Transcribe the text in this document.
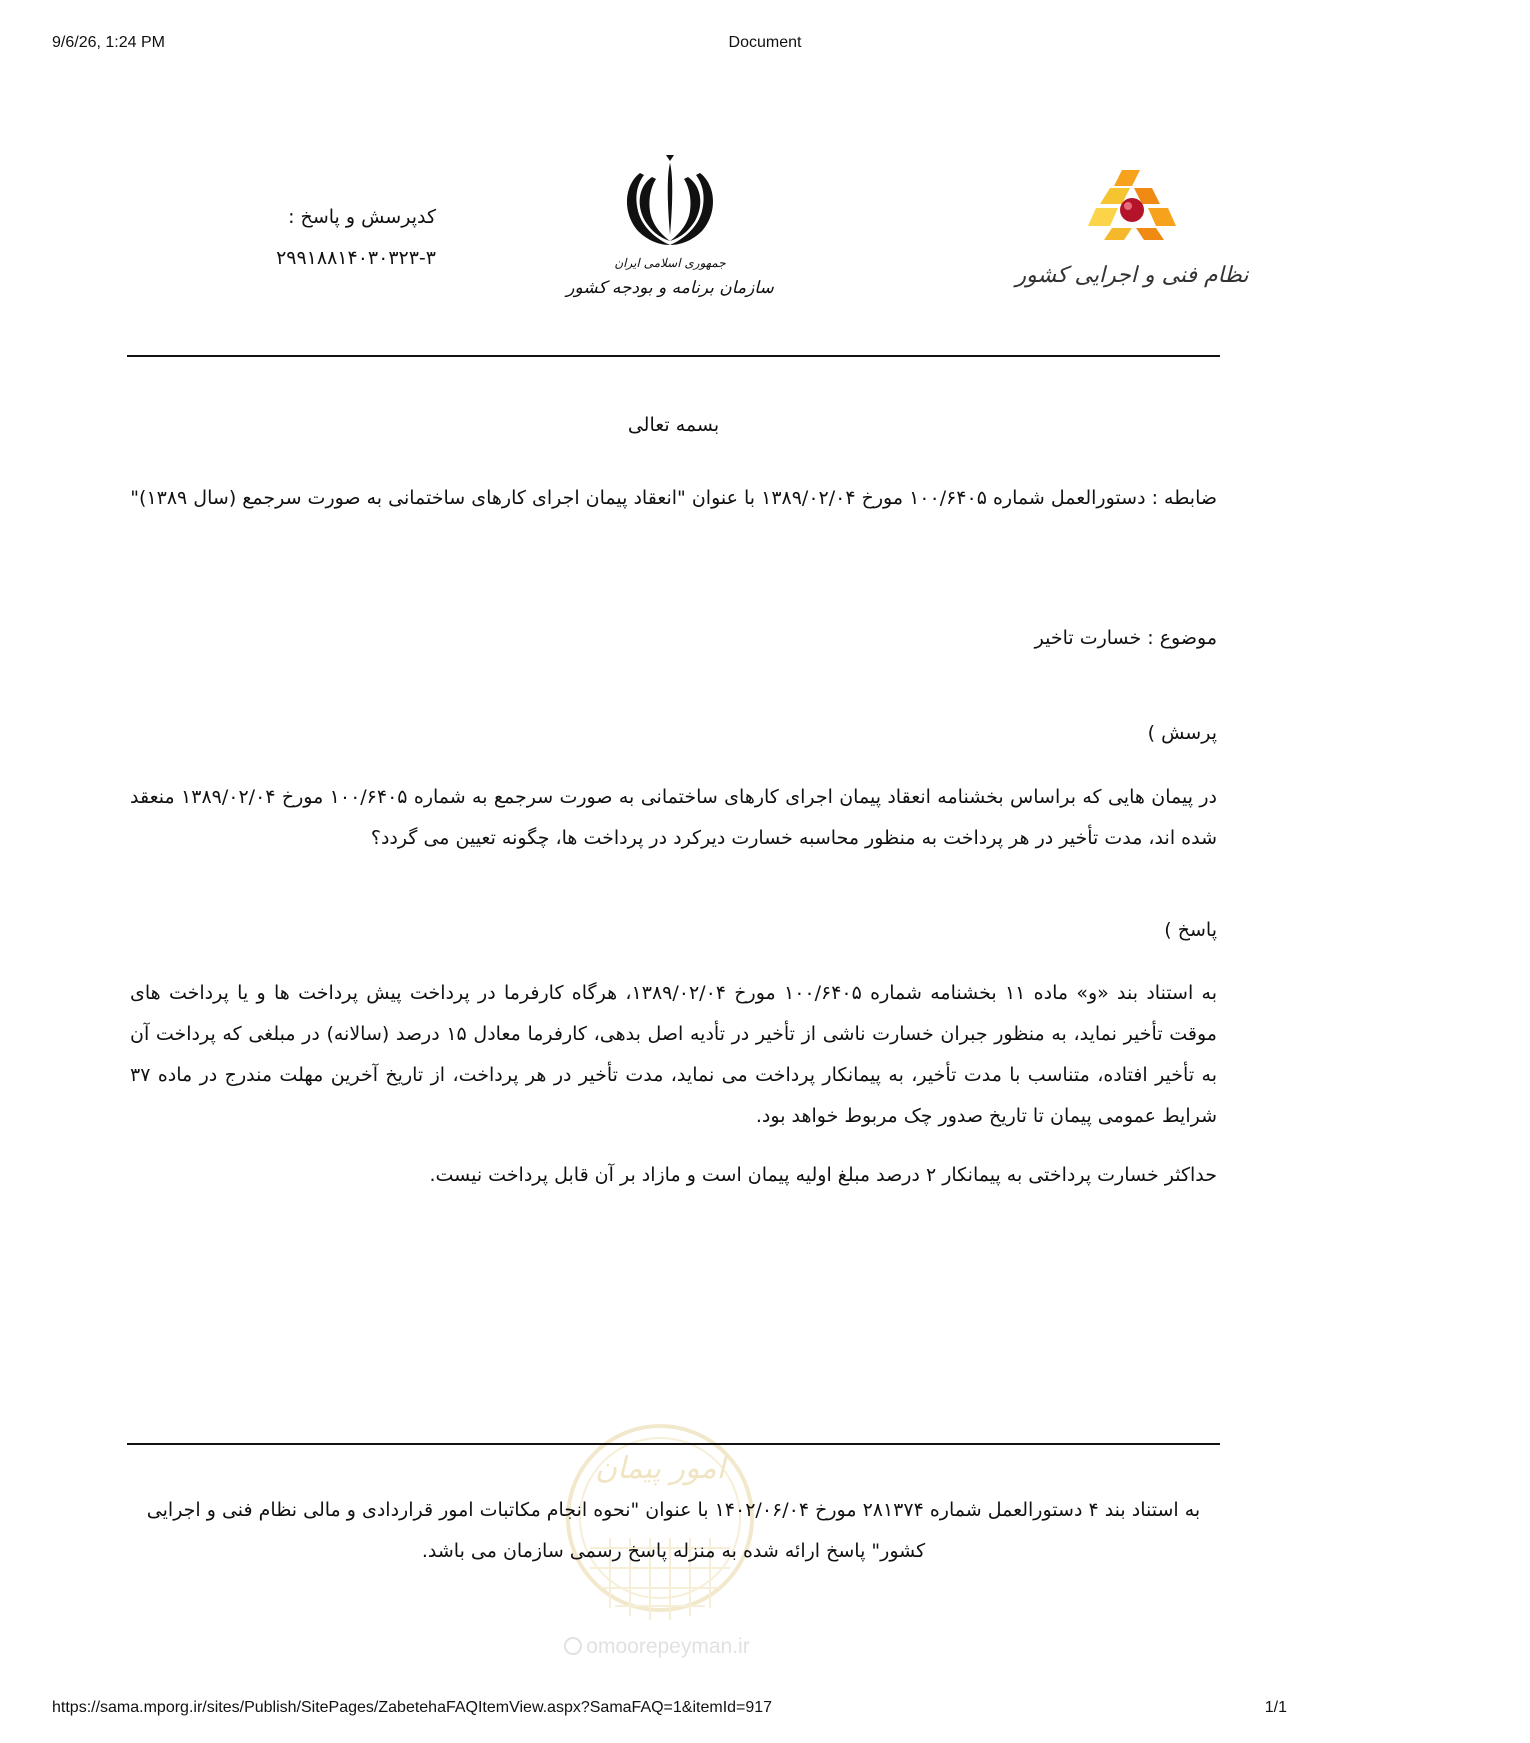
9/6/26, 1:24 PM	Document
نظام فنی و اجرایی کشور
جمهوری اسلامی ایران
سازمان برنامه و بودجه کشور
کدپرسش و پاسخ :
۲۹۹۱۸۸۱۴۰۳۰۳۲۳-۳
بسمه تعالی
ضابطه : دستورالعمل شماره ۱۰۰/۶۴۰۵ مورخ ۱۳۸۹/۰۲/۰۴ با عنوان "انعقاد پیمان اجرای کارهای ساختمانی به صورت سرجمع (سال ۱۳۸۹)"
موضوع : خسارت تاخیر
پرسش )
در پیمان هایی که براساس بخشنامه انعقاد پیمان اجرای کارهای ساختمانی به صورت سرجمع به شماره ۱۰۰/۶۴۰۵ مورخ ۱۳۸۹/۰۲/۰۴ منعقد شده اند، مدت تأخیر در هر پرداخت به منظور محاسبه خسارت دیرکرد در پرداخت ها، چگونه تعیین می گردد؟
پاسخ )
به استناد بند «و» ماده ۱۱ بخشنامه شماره ۱۰۰/۶۴۰۵ مورخ ۱۳۸۹/۰۲/۰۴، هرگاه کارفرما در پرداخت پیش پرداخت ها و یا پرداخت های موقت تأخیر نماید، به منظور جبران خسارت ناشی از تأخیر در تأدیه اصل بدهی، کارفرما معادل ۱۵ درصد (سالانه) در مبلغی که پرداخت آن به تأخیر افتاده، متناسب با مدت تأخیر، به پیمانکار پرداخت می نماید، مدت تأخیر در هر پرداخت، از تاریخ آخرین مهلت مندرج در ماده ۳۷ شرایط عمومی پیمان تا تاریخ صدور چک مربوط خواهد بود.
حداکثر خسارت پرداختی به پیمانکار ۲ درصد مبلغ اولیه پیمان است و مازاد بر آن قابل پرداخت نیست.
امور پیمان
omoorepeyman.ir
به استناد بند ۴ دستورالعمل شماره ۲۸۱۳۷۴ مورخ ۱۴۰۲/۰۶/۰۴ با عنوان "نحوه انجام مکاتبات امور قراردادی و مالی نظام فنی و اجرایی کشور" پاسخ ارائه شده به منزله پاسخ رسمی سازمان می باشد.
https://sama.mporg.ir/sites/Publish/SitePages/ZabetehaFAQItemView.aspx?SamaFAQ=1&itemId=917	1/1
